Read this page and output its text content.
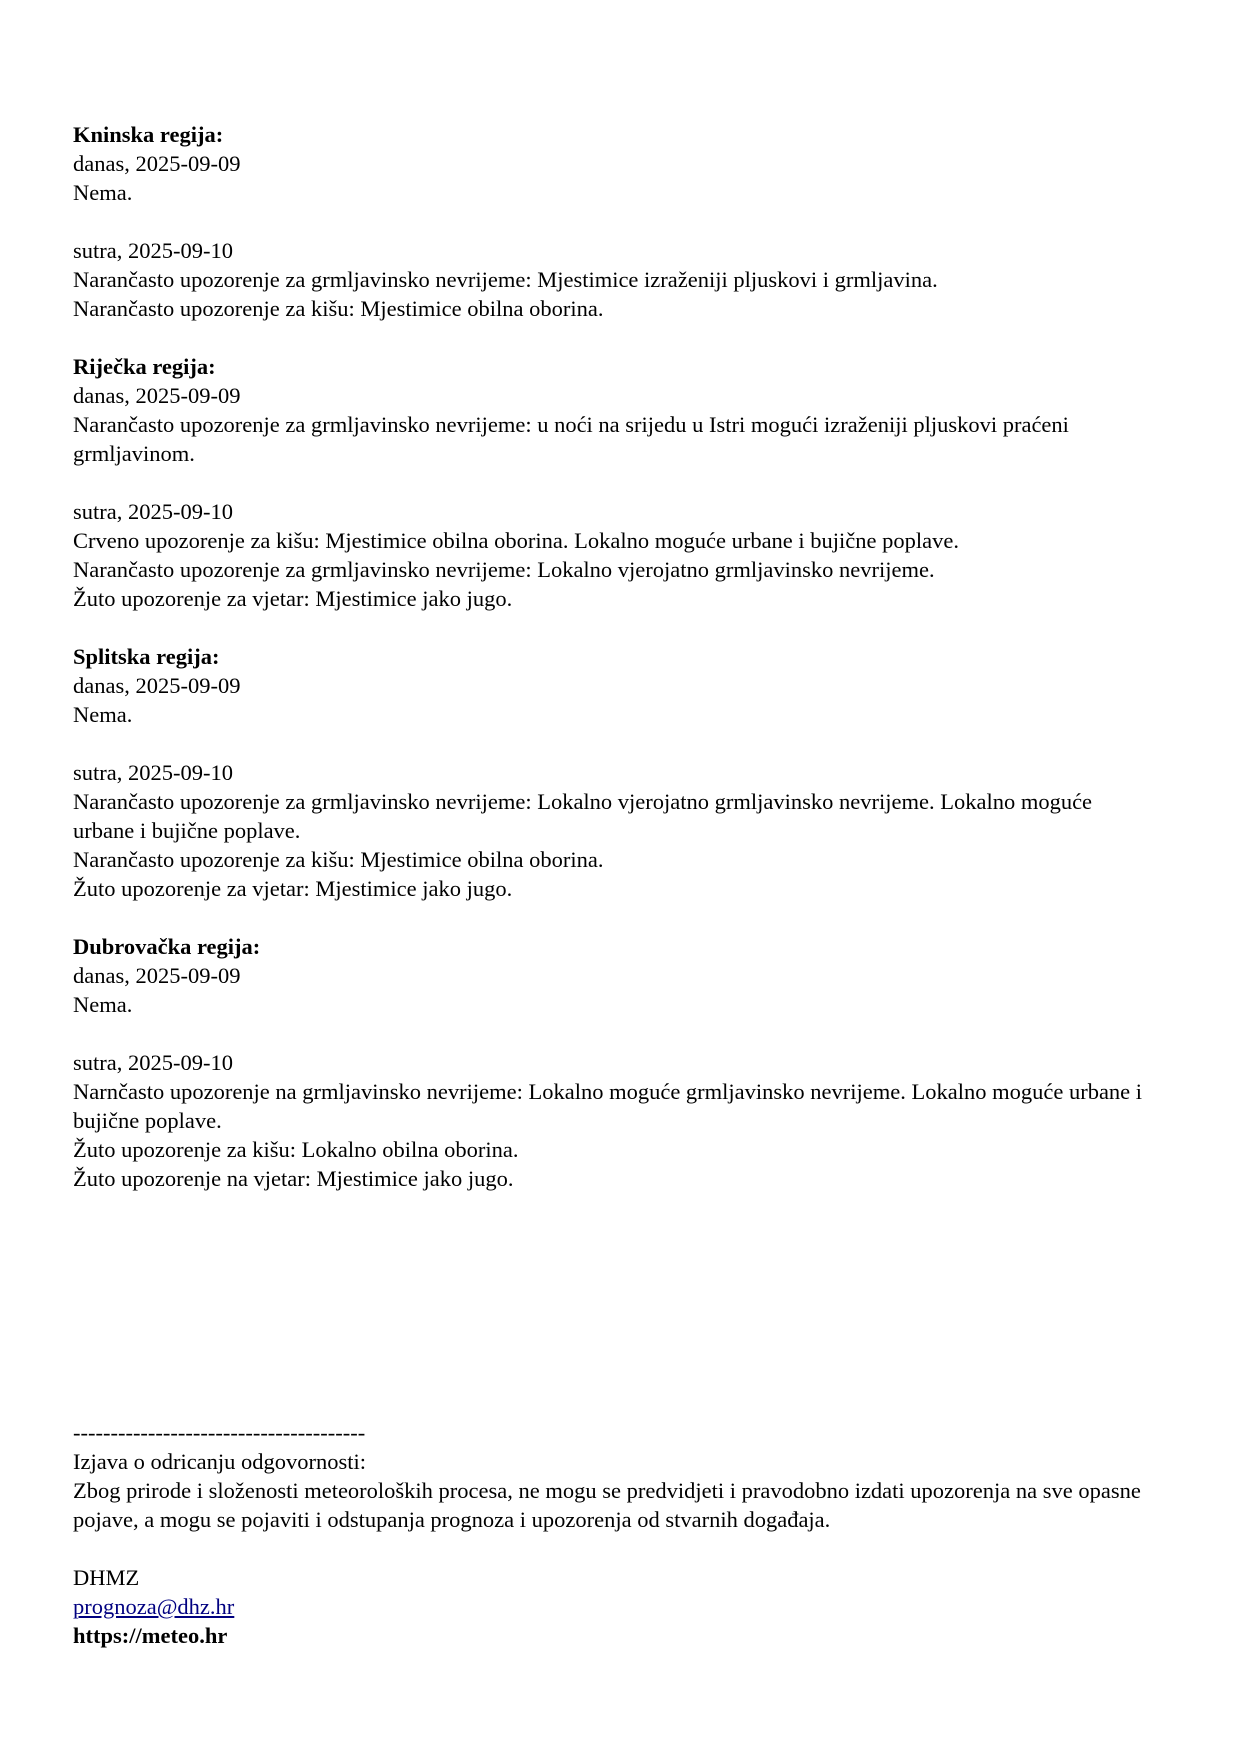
Kninska regija:
danas, 2025-09-09
Nema.
sutra, 2025-09-10
Narančasto upozorenje za grmljavinsko nevrijeme: Mjestimice izraženiji pljuskovi i grmljavina.
Narančasto upozorenje za kišu: Mjestimice obilna oborina.
Riječka regija:
danas, 2025-09-09
Narančasto upozorenje za grmljavinsko nevrijeme: u noći na srijedu u Istri mogući izraženiji pljuskovi praćeni grmljavinom.
sutra, 2025-09-10
Crveno upozorenje za kišu: Mjestimice obilna oborina. Lokalno moguće urbane i bujične poplave.
Narančasto upozorenje za grmljavinsko nevrijeme: Lokalno vjerojatno grmljavinsko nevrijeme.
Žuto upozorenje za vjetar: Mjestimice jako jugo.
Splitska regija:
danas, 2025-09-09
Nema.
sutra, 2025-09-10
Narančasto upozorenje za grmljavinsko nevrijeme: Lokalno vjerojatno grmljavinsko nevrijeme. Lokalno moguće urbane i bujične poplave.
Narančasto upozorenje za kišu: Mjestimice obilna oborina.
Žuto upozorenje za vjetar: Mjestimice jako jugo.
Dubrovačka regija:
danas, 2025-09-09
Nema.
sutra, 2025-09-10
Narnčasto upozorenje na grmljavinsko nevrijeme: Lokalno moguće grmljavinsko nevrijeme. Lokalno moguće urbane i bujične poplave.
Žuto upozorenje za kišu: Lokalno obilna oborina.
Žuto upozorenje na vjetar: Mjestimice jako jugo.
---------------------------------------
Izjava o odricanju odgovornosti:
Zbog prirode i složenosti meteoroloških procesa, ne mogu se predvidjeti i pravodobno izdati upozorenja na sve opasne pojave, a mogu se pojaviti i odstupanja prognoza i upozorenja od stvarnih događaja.
DHMZ
prognoza@dhz.hr
https://meteo.hr
